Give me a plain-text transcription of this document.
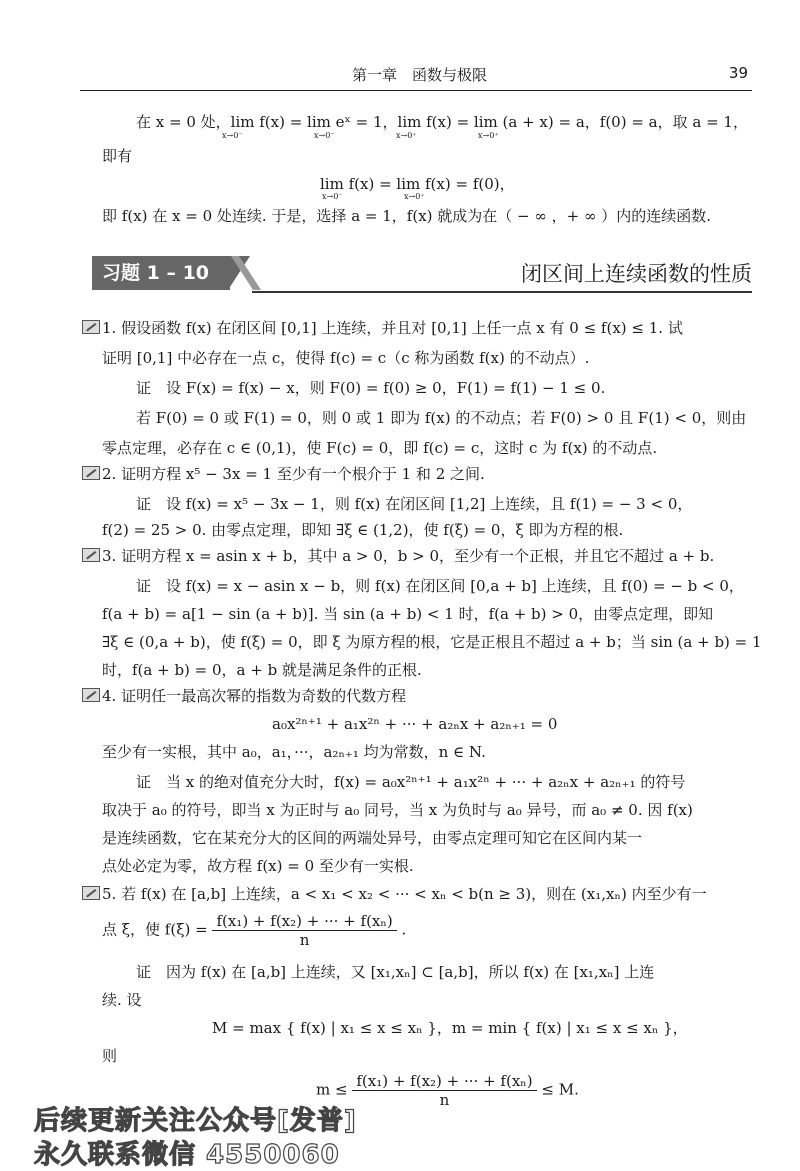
第一章　函数与极限	39
在 x = 0 处，lim f(x) = lim eˣ = 1，lim f(x) = lim (a + x) = a，f(0) = a，取 a = 1，
x→0⁻	x→0⁻	x→0⁺	x→0⁺
即有
lim f(x) = lim f(x) = f(0)，
x→0⁻	x→0⁺
即 f(x) 在 x = 0 处连续. 于是，选择 a = 1，f(x) 就成为在（ − ∞ ，+ ∞ ）内的连续函数.
习题 1 – 10	闭区间上连续函数的性质
1. 假设函数 f(x) 在闭区间 [0,1] 上连续，并且对 [0,1] 上任一点 x 有 0 ≤ f(x) ≤ 1. 试
证明 [0,1] 中必存在一点 c，使得 f(c) = c（c 称为函数 f(x) 的不动点）.
证　设 F(x) = f(x) − x，则 F(0) = f(0) ≥ 0，F(1) = f(1) − 1 ≤ 0.
若 F(0) = 0 或 F(1) = 0，则 0 或 1 即为 f(x) 的不动点；若 F(0) > 0 且 F(1) < 0，则由
零点定理，必存在 c ∈ (0,1)，使 F(c) = 0，即 f(c) = c，这时 c 为 f(x) 的不动点.
2. 证明方程 x⁵ − 3x = 1 至少有一个根介于 1 和 2 之间.
证　设 f(x) = x⁵ − 3x − 1，则 f(x) 在闭区间 [1,2] 上连续，且 f(1) = − 3 < 0，
f(2) = 25 > 0. 由零点定理，即知 ∃ξ ∈ (1,2)，使 f(ξ) = 0，ξ 即为方程的根.
3. 证明方程 x = asin x + b，其中 a > 0，b > 0，至少有一个正根，并且它不超过 a + b.
证　设 f(x) = x − asin x − b，则 f(x) 在闭区间 [0,a + b] 上连续，且 f(0) = − b < 0，
f(a + b) = a[1 − sin (a + b)]. 当 sin (a + b) < 1 时，f(a + b) > 0，由零点定理，即知
∃ξ ∈ (0,a + b)，使 f(ξ) = 0，即 ξ 为原方程的根，它是正根且不超过 a + b；当 sin (a + b) = 1
时，f(a + b) = 0，a + b 就是满足条件的正根.
4. 证明任一最高次幂的指数为奇数的代数方程
a₀x²ⁿ⁺¹ + a₁x²ⁿ + ··· + a₂ₙx + a₂ₙ₊₁ = 0
至少有一实根，其中 a₀，a₁，···，a₂ₙ₊₁ 均为常数，n ∈ N.
证　当 x 的绝对值充分大时，f(x) = a₀x²ⁿ⁺¹ + a₁x²ⁿ + ··· + a₂ₙx + a₂ₙ₊₁ 的符号
取决于 a₀ 的符号，即当 x 为正时与 a₀ 同号，当 x 为负时与 a₀ 异号，而 a₀ ≠ 0. 因 f(x)
是连续函数，它在某充分大的区间的两端处异号，由零点定理可知它在区间内某一
点处必定为零，故方程 f(x) = 0 至少有一实根.
5. 若 f(x) 在 [a,b] 上连续，a < x₁ < x₂ < ··· < xₙ < b(n ≥ 3)，则在 (x₁,xₙ) 内至少有一
点 ξ，使 $f(\xi) = \frac{\text{f(x₁) + f(x₂) + ··· + f(xₙ)}}{n}$ .
证　因为 f(x) 在 [a,b] 上连续，又 [x₁,xₙ] ⊂ [a,b]，所以 f(x) 在 [x₁,xₙ] 上连
续. 设
M = max { f(x) | x₁ ≤ x ≤ xₙ }，m = min { f(x) | x₁ ≤ x ≤ xₙ }，
则
$m \le \frac{\text{f(x₁) + f(x₂) + ··· + f(xₙ)}}{n} \le M$.
后续更新关注公众号[发普]
永久联系微信 4550060
